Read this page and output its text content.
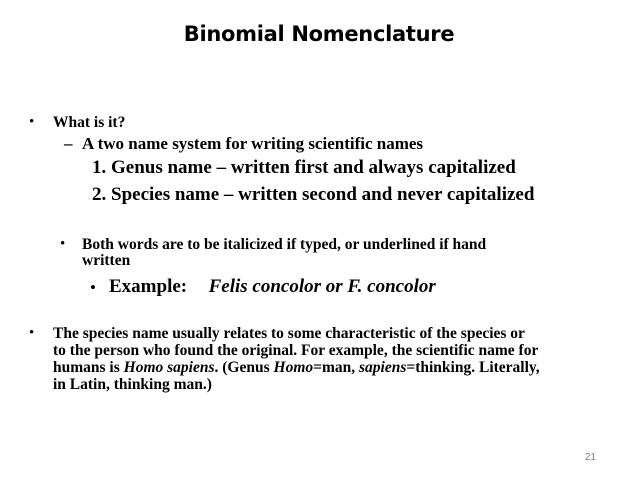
Binomial Nomenclature
• What is it?
– A two name system for writing scientific names
1. Genus name – written first and always capitalized
2. Species name – written second and never capitalized
• Both words are to be italicized if typed, or underlined if hand
written
• Example: Felis concolor or F. concolor
• The species name usually relates to some characteristic of the species or
to the person who found the original. For example, the scientific name for
humans is Homo sapiens. (Genus Homo=man, sapiens=thinking. Literally,
in Latin, thinking man.)
21
